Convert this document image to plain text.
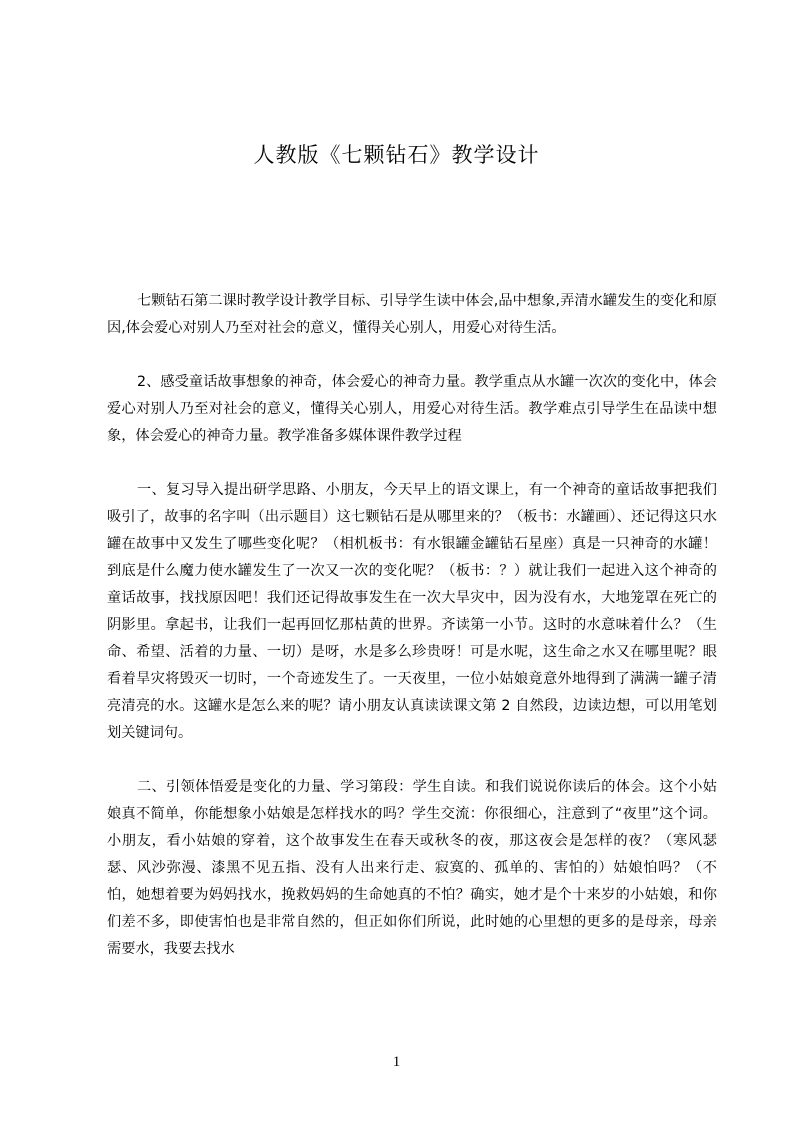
人教版《七颗钻石》教学设计

七颗钻石第二课时教学设计教学目标、引导学生读中体会,品中想象,弄清水罐发生的变化和原因,体会爱心对别人乃至对社会的意义，懂得关心别人，用爱心对待生活。

2、感受童话故事想象的神奇，体会爱心的神奇力量。教学重点从水罐一次次的变化中，体会爱心对别人乃至对社会的意义，懂得关心别人，用爱心对待生活。教学难点引导学生在品读中想象，体会爱心的神奇力量。教学准备多媒体课件教学过程

一、复习导入提出研学思路、小朋友，今天早上的语文课上，有一个神奇的童话故事把我们吸引了，故事的名字叫（出示题目）这七颗钻石是从哪里来的？（板书：水罐画）、还记得这只水罐在故事中又发生了哪些变化呢？（相机板书：有水银罐金罐钻石星座）真是一只神奇的水罐！到底是什么魔力使水罐发生了一次又一次的变化呢？（板书：？）就让我们一起进入这个神奇的童话故事，找找原因吧！我们还记得故事发生在一次大旱灾中，因为没有水，大地笼罩在死亡的阴影里。拿起书，让我们一起再回忆那枯黄的世界。齐读第一小节。这时的水意味着什么？（生命、希望、活着的力量、一切）是呀，水是多么珍贵呀！可是水呢，这生命之水又在哪里呢？眼看着旱灾将毁灭一切时，一个奇迹发生了。一天夜里，一位小姑娘竟意外地得到了满满一罐子清亮清亮的水。这罐水是怎么来的呢？请小朋友认真读读课文第 2 自然段，边读边想，可以用笔划划关键词句。

二、引领体悟爱是变化的力量、学习第段：学生自读。和我们说说你读后的体会。这个小姑娘真不简单，你能想象小姑娘是怎样找水的吗？学生交流：你很细心，注意到了“夜里”这个词。小朋友，看小姑娘的穿着，这个故事发生在春天或秋冬的夜，那这夜会是怎样的夜？（寒风瑟瑟、风沙弥漫、漆黑不见五指、没有人出来行走、寂寞的、孤单的、害怕的）姑娘怕吗？（不怕，她想着要为妈妈找水，挽救妈妈的生命她真的不怕？确实，她才是个十来岁的小姑娘，和你们差不多，即使害怕也是非常自然的，但正如你们所说，此时她的心里想的更多的是母亲，母亲需要水，我要去找水

1
